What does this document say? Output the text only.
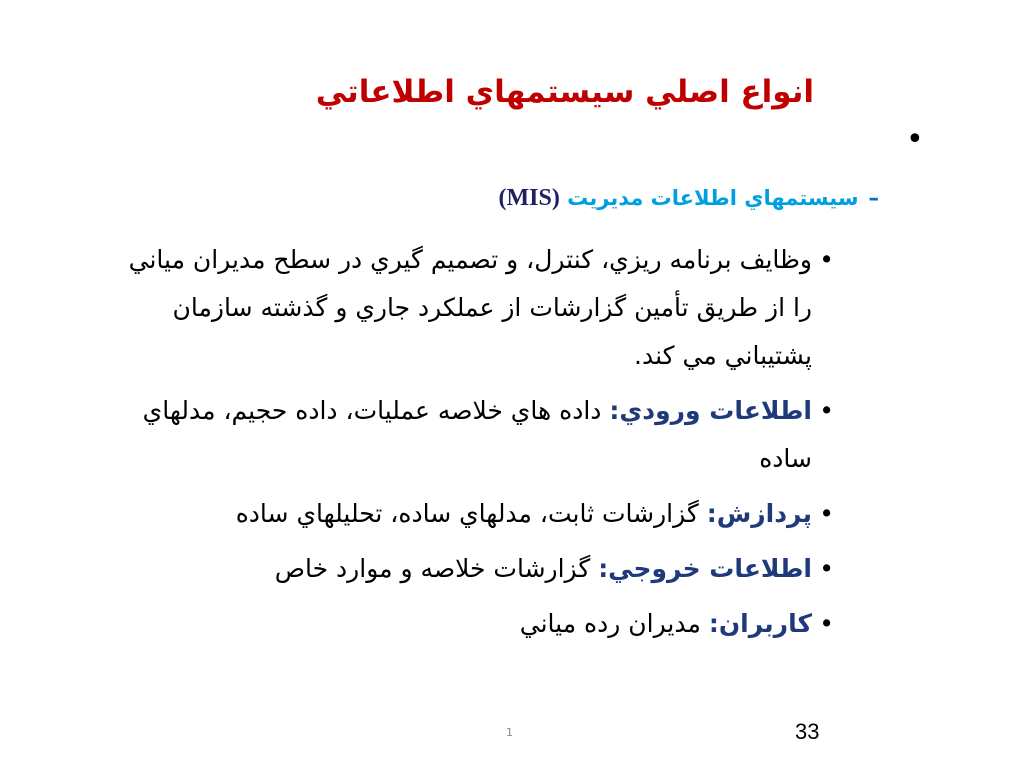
انواع اصلي سيستمهاي اطلاعاتي
•
–سيستمهاي اطلاعات مديريت (MIS)
• وظايف برنامه ريزي، كنترل، و تصميم گيري در سطح مديران مياني را از طريق تأمين گزارشات از عملكرد جاري و گذشته سازمان پشتيباني مي كند.
• اطلاعات ورودي: داده هاي خلاصه عمليات، داده حجيم، مدلهاي ساده
• پردازش: گزارشات ثابت، مدلهاي ساده، تحليلهاي ساده
• اطلاعات خروجي: گزارشات خلاصه و موارد خاص
• كاربران: مديران رده مياني
1	33
